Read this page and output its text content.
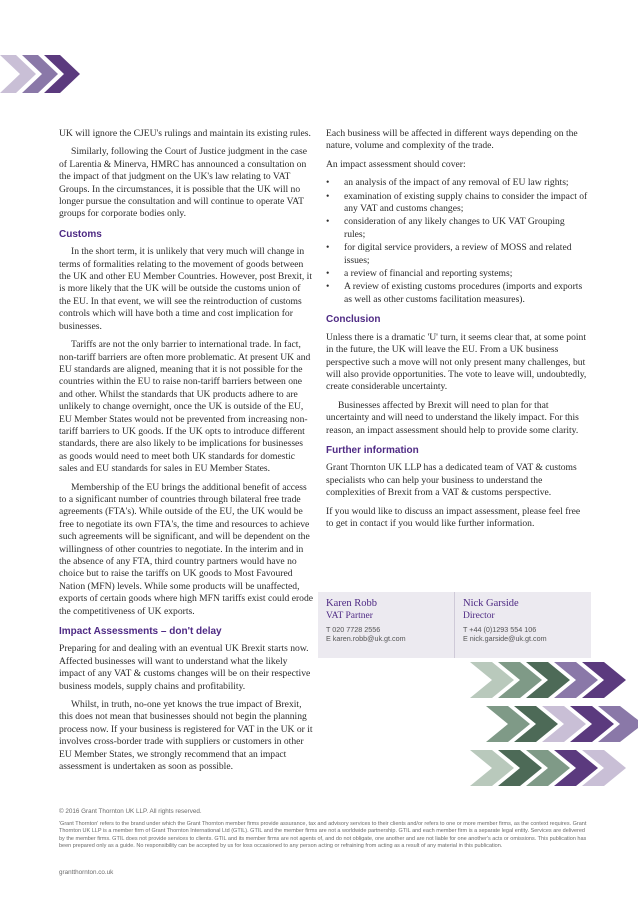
UK will ignore the CJEU's rulings and maintain its existing rules.

Similarly, following the Court of Justice judgment in the case of Larentia & Minerva, HMRC has announced a consultation on the impact of that judgment on the UK's law relating to VAT Groups. In the circumstances, it is possible that the UK will no longer pursue the consultation and will continue to operate VAT groups for corporate bodies only.

Customs

In the short term, it is unlikely that very much will change in terms of formalities relating to the movement of goods between the UK and other EU Member Countries. However, post Brexit, it is more likely that the UK will be outside the customs union of the EU. In that event, we will see the reintroduction of customs controls which will have both a time and cost implication for businesses.

Tariffs are not the only barrier to international trade. In fact, non-tariff barriers are often more problematic. At present UK and EU standards are aligned, meaning that it is not possible for the countries within the EU to raise non-tariff barriers between one and other. Whilst the standards that UK products adhere to are unlikely to change overnight, once the UK is outside of the EU, EU Member States would not be prevented from increasing non-tariff barriers to UK goods. If the UK opts to introduce different standards, there are also likely to be implications for businesses as goods would need to meet both UK standards for domestic sales and EU standards for sales in EU Member States.

Membership of the EU brings the additional benefit of access to a significant number of countries through bilateral free trade agreements (FTA's). While outside of the EU, the UK would be free to negotiate its own FTA's, the time and resources to achieve such agreements will be significant, and will be dependent on the willingness of other countries to negotiate. In the interim and in the absence of any FTA, third country partners would have no choice but to raise the tariffs on UK goods to Most Favoured Nation (MFN) levels. While some products will be unaffected, exports of certain goods where high MFN tariffs exist could erode the competitiveness of UK exports.

Impact Assessments – don't delay

Preparing for and dealing with an eventual UK Brexit starts now. Affected businesses will want to understand what the likely impact of any VAT & customs changes will be on their respective business models, supply chains and profitability.

Whilst, in truth, no-one yet knows the true impact of Brexit, this does not mean that businesses should not begin the planning process now. If your business is registered for VAT in the UK or it involves cross-border trade with suppliers or customers in other EU Member States, we strongly recommend that an impact assessment is undertaken as soon as possible.

Each business will be affected in different ways depending on the nature, volume and complexity of the trade.

An impact assessment should cover:

• an analysis of the impact of any removal of EU law rights;
• examination of existing supply chains to consider the impact of any VAT and customs changes;
• consideration of any likely changes to UK VAT Grouping rules;
• for digital service providers, a review of MOSS and related issues;
• a review of financial and reporting systems;
• A review of existing customs procedures (imports and exports as well as other customs facilitation measures).
Conclusion

Unless there is a dramatic 'U' turn, it seems clear that, at some point in the future, the UK will leave the EU. From a UK business perspective such a move will not only present many challenges, but will also provide opportunities. The vote to leave will, undoubtedly, create considerable uncertainty.

Businesses affected by Brexit will need to plan for that uncertainty and will need to understand the likely impact. For this reason, an impact assessment should help to provide some clarity.

Further information

Grant Thornton UK LLP has a dedicated team of VAT & customs specialists who can help your business to understand the complexities of Brexit from a VAT & customs perspective.

If you would like to discuss an impact assessment, please feel free to get in contact if you would like further information.

Karen Robb
VAT Partner
T 020 7728 2556
E karen.robb@uk.gt.com
Nick Garside
Director
T +44 (0)1293 554 106
E nick.garside@uk.gt.com
© 2016 Grant Thornton UK LLP. All rights reserved.
'Grant Thornton' refers to the brand under which the Grant Thornton member firms provide assurance, tax and advisory services to their clients and/or refers to one or more member firms, as the context requires. Grant Thornton UK LLP is a member firm of Grant Thornton International Ltd (GTIL). GTIL and the member firms are not a worldwide partnership. GTIL and each member firm is a separate legal entity. Services are delivered by the member firms. GTIL does not provide services to clients. GTIL and its member firms are not agents of, and do not obligate, one another and are not liable for one another's acts or omissions. This publication has been prepared only as a guide. No responsibility can be accepted by us for loss occasioned to any person acting or refraining from acting as a result of any material in this publication.
grantthornton.co.uk
